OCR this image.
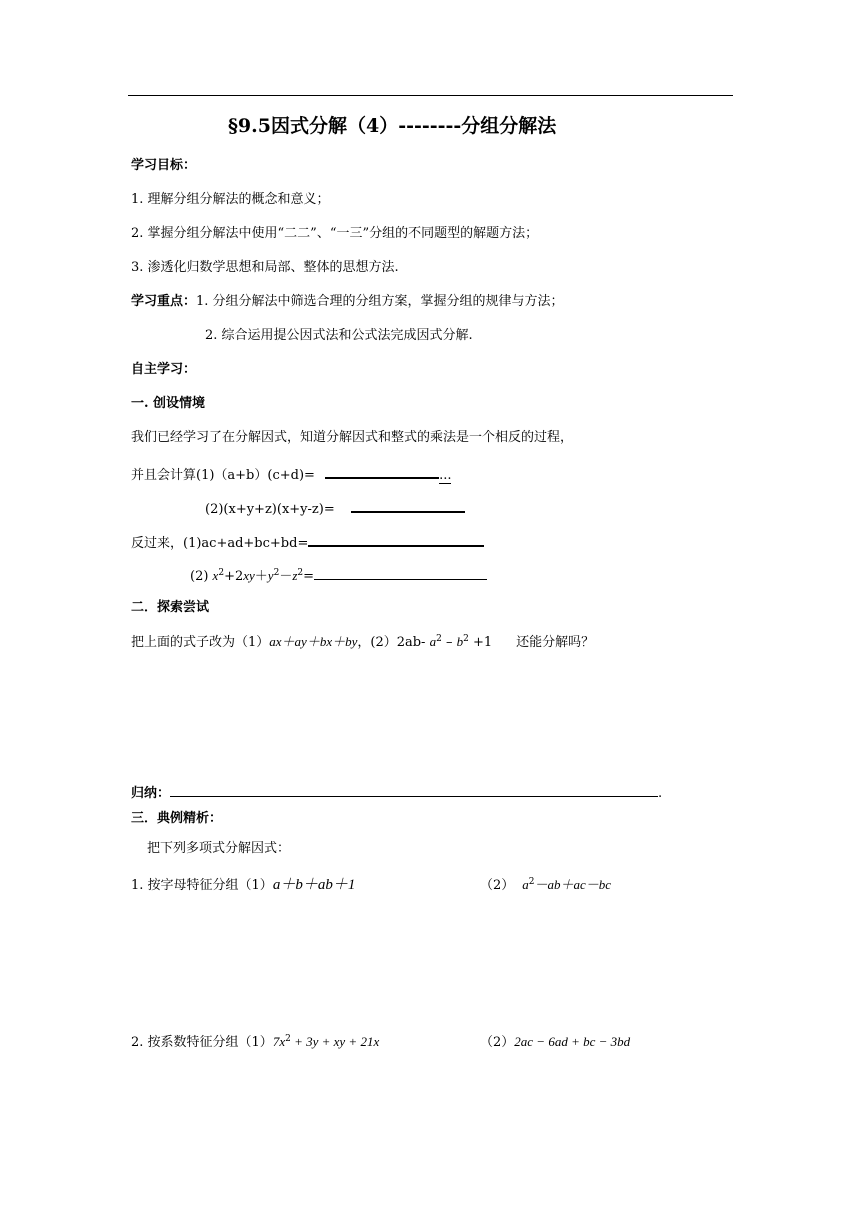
§9.5因式分解（4）--------分组分解法
学习目标：
1. 理解分组分解法的概念和意义；
2. 掌握分组分解法中使用“二二”、“一三”分组的不同题型的解题方法；
3. 渗透化归数学思想和局部、整体的思想方法.
学习重点：1. 分组分解法中筛选合理的分组方案，掌握分组的规律与方法；
2. 综合运用提公因式法和公式法完成因式分解.
自主学习：
一. 创设情境
我们已经学习了在分解因式，知道分解因式和整式的乘法是一个相反的过程，
并且会计算(1)（a+b）(c+d)=	...
(2)(x+y+z)(x+y-z)=
反过来，(1)ac+ad+bc+bd=
(2) $x^2+2xy+y^2-z^2=$
二．探索尝试
把上面的式子改为（1）ax＋ay＋bx＋by，(2）2ab- $a^2 - b^2 +1$ 还能分解吗？
归纳：	.
三．典例精析：
把下列多项式分解因式：
1. 按字母特征分组（1）a＋b＋ab＋1	（2） $a^2-ab+ac-bc$
2. 按系数特征分组$(1)7x^2 + 3y$ + xy + 21x	（2）2ac − 6ad + bc − 3bd
